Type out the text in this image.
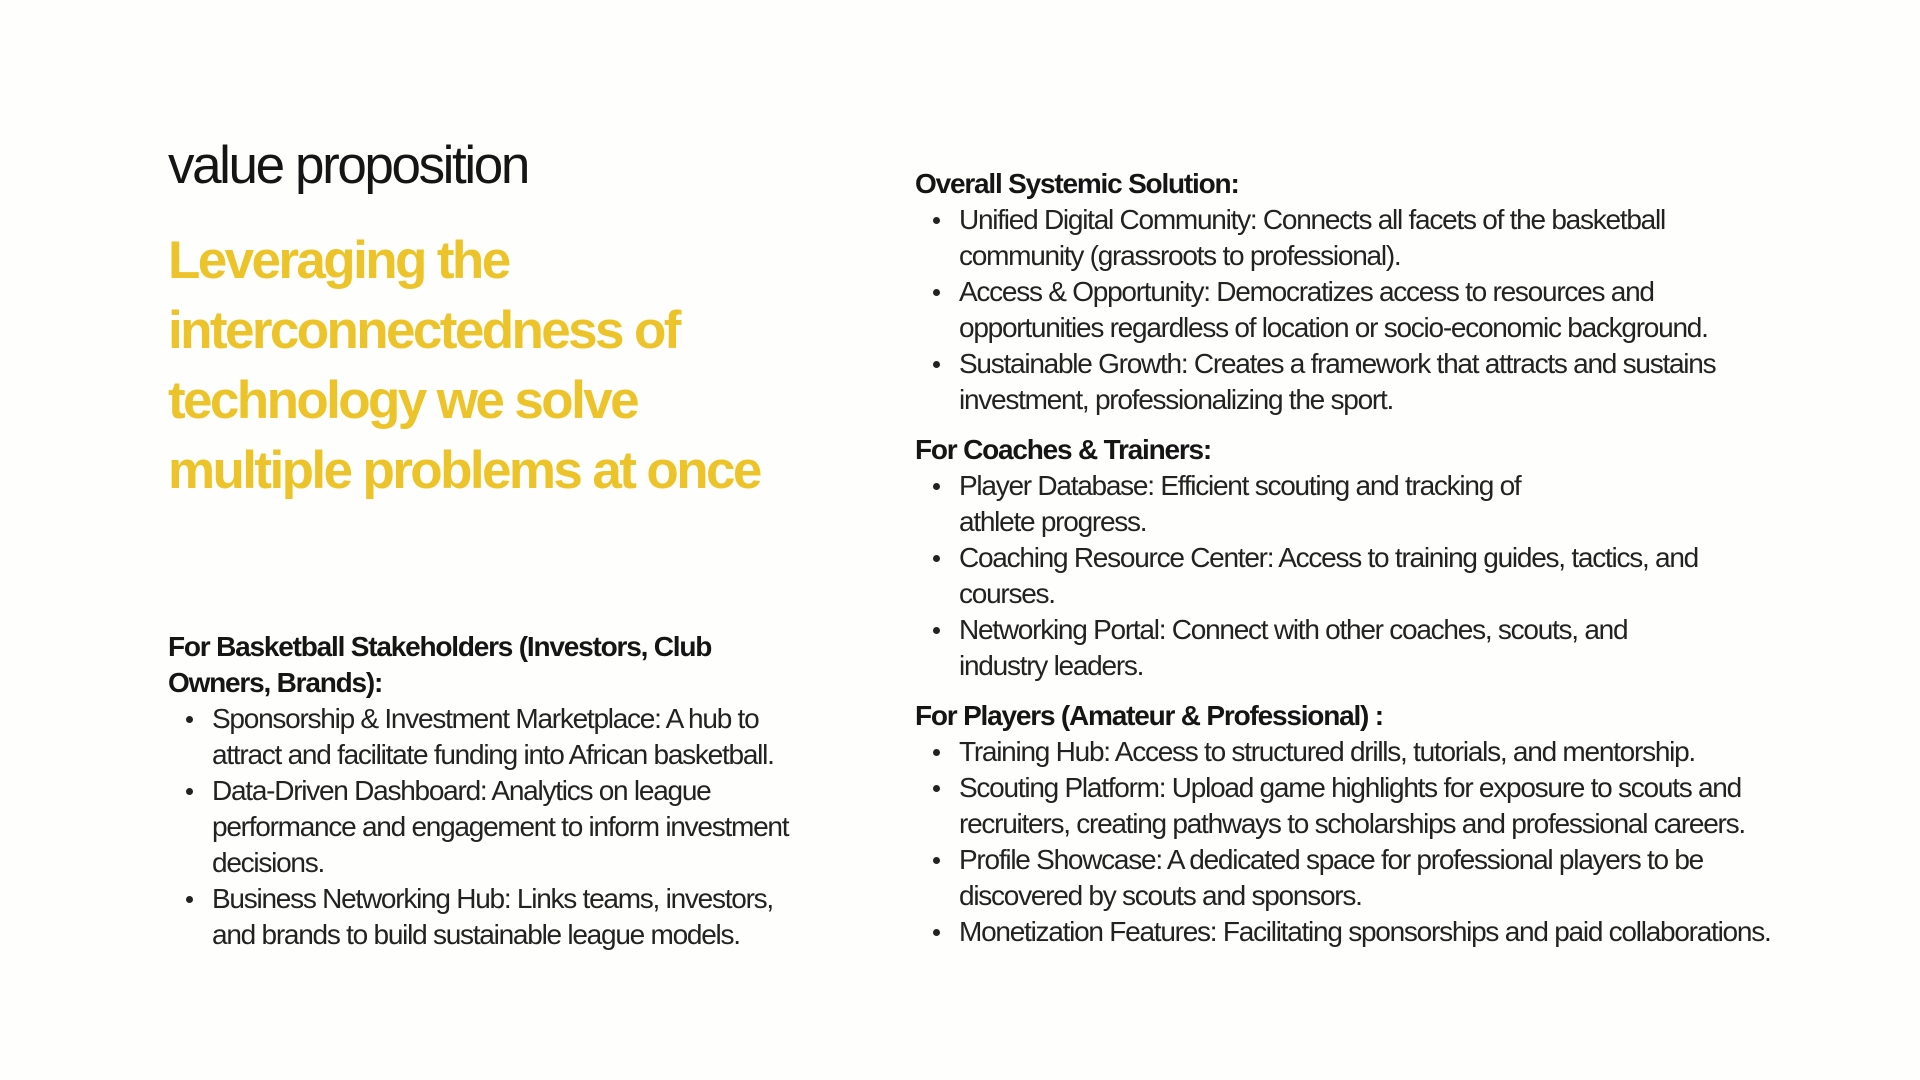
value proposition
Leveraging the interconnectedness of technology we solve multiple problems at once
For Basketball Stakeholders (Investors, Club Owners, Brands):
Sponsorship & Investment Marketplace: A hub to attract and facilitate funding into African basketball.
Data-Driven Dashboard: Analytics on league performance and engagement to inform investment decisions.
Business Networking Hub: Links teams, investors, and brands to build sustainable league models.
Overall Systemic Solution:
Unified Digital Community: Connects all facets of the basketball community (grassroots to professional).
Access & Opportunity: Democratizes access to resources and opportunities regardless of location or socio-economic background.
Sustainable Growth: Creates a framework that attracts and sustains investment, professionalizing the sport.
For Coaches & Trainers:
Player Database: Efficient scouting and tracking of athlete progress.
Coaching Resource Center: Access to training guides, tactics, and courses.
Networking Portal: Connect with other coaches, scouts, and industry leaders.
For Players (Amateur & Professional) :
Training Hub: Access to structured drills, tutorials, and mentorship.
Scouting Platform: Upload game highlights for exposure to scouts and recruiters, creating pathways to scholarships and professional careers.
Profile Showcase: A dedicated space for professional players to be discovered by scouts and sponsors.
Monetization Features: Facilitating sponsorships and paid collaborations.
